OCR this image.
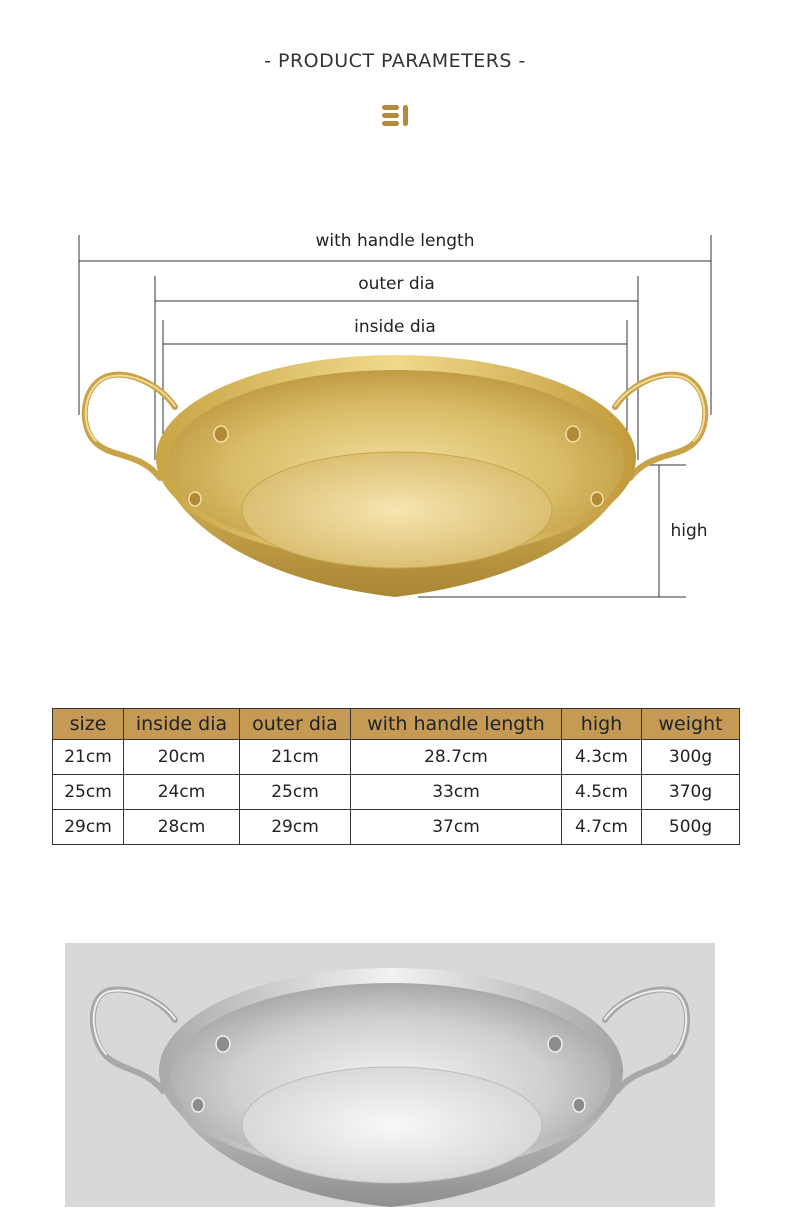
- PRODUCT PARAMETERS -
with handle length
outer dia
inside dia
high
size	inside dia	outer dia	with handle length	high	weight
21cm	20cm	21cm	28.7cm	4.3cm	300g
25cm	24cm	25cm	33cm	4.5cm	370g
29cm	28cm	29cm	37cm	4.7cm	500g
